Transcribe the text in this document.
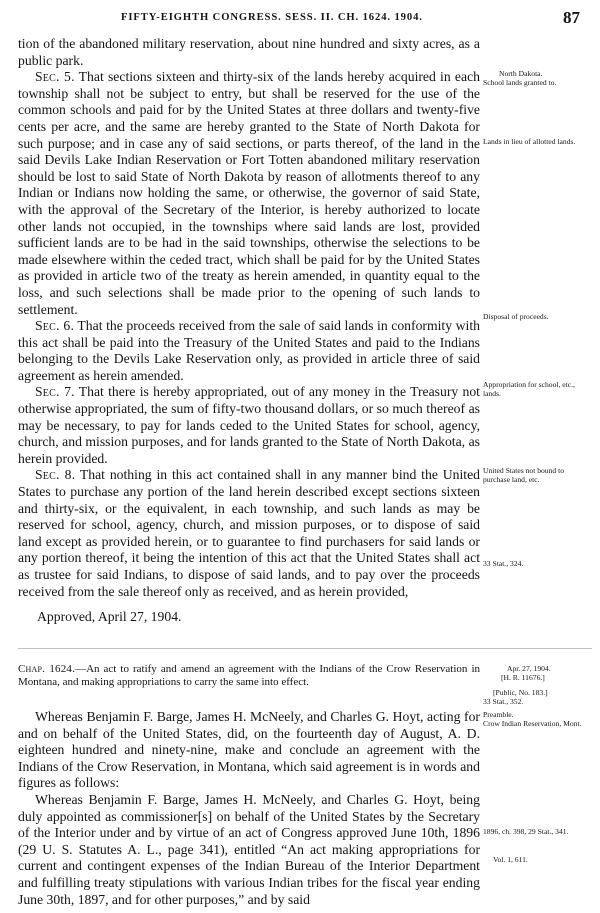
FIFTY-EIGHTH CONGRESS. SESS. II. CH. 1624. 1904.	87

tion of the abandoned military reservation, about nine hundred and sixty acres, as a public park.

Sec. 5. That sections sixteen and thirty-six of the lands hereby acquired in each township shall not be subject to entry, but shall be reserved for the use of the common schools and paid for by the United States at three dollars and twenty-five cents per acre, and the same are hereby granted to the State of North Dakota for such purpose; and in case any of said sections, or parts thereof, of the land in the said Devils Lake Indian Reservation or Fort Totten abandoned military reservation should be lost to said State of North Dakota by reason of allotments thereof to any Indian or Indians now holding the same, or otherwise, the governor of said State, with the approval of the Secretary of the Interior, is hereby authorized to locate other lands not occupied, in the townships where said lands are lost, provided sufficient lands are to be had in the said townships, otherwise the selections to be made elsewhere within the ceded tract, which shall be paid for by the United States as provided in article two of the treaty as herein amended, in quantity equal to the loss, and such selections shall be made prior to the opening of such lands to settlement.

Sec. 6. That the proceeds received from the sale of said lands in conformity with this act shall be paid into the Treasury of the United States and paid to the Indians belonging to the Devils Lake Reservation only, as provided in article three of said agreement as herein amended.

Sec. 7. That there is hereby appropriated, out of any money in the Treasury not otherwise appropriated, the sum of fifty-two thousand dollars, or so much thereof as may be necessary, to pay for lands ceded to the United States for school, agency, church, and mission purposes, and for lands granted to the State of North Dakota, as herein provided.

Sec. 8. That nothing in this act contained shall in any manner bind the United States to purchase any portion of the land herein described except sections sixteen and thirty-six, or the equivalent, in each township, and such lands as may be reserved for school, agency, church, and mission purposes, or to dispose of said land except as provided herein, or to guarantee to find purchasers for said lands or any portion thereof, it being the intention of this act that the United States shall act as trustee for said Indians, to dispose of said lands, and to pay over the proceeds received from the sale thereof only as received, and as herein provided,

Approved, April 27, 1904.
Chap. 1624.—An act to ratify and amend an agreement with the Indians of the Crow Reservation in Montana, and making appropriations to carry the same into effect.

Whereas Benjamin F. Barge, James H. McNeely, and Charles G. Hoyt, acting for and on behalf of the United States, did, on the fourteenth day of August, A. D. eighteen hundred and ninety-nine, make and conclude an agreement with the Indians of the Crow Reservation, in Montana, which said agreement is in words and figures as follows:

Whereas Benjamin F. Barge, James H. McNeely, and Charles G. Hoyt, being duly appointed as commissioner[s] on behalf of the United States by the Secretary of the Interior under and by virtue of an act of Congress approved June 10th, 1896 (29 U. S. Statutes A. L., page 341), entitled “An act making appropriations for current and contingent expenses of the Indian Bureau of the Interior Department and fulfilling treaty stipulations with various Indian tribes for the fiscal year ending June 30th, 1897, and for other purposes,” and by said

North Dakota.
School lands granted to.
Lands in lieu of allotted lands.
Disposal of proceeds.
Appropriation for school, etc., lands.
United States not bound to purchase land, etc.
33 Stat., 324.
Apr. 27, 1904.
[H. R. 11676.]
[Public, No. 183.]
33 Stat., 352.
Preamble.
Crow Indian Reservation, Mont.
1896, ch. 398, 29 Stat., 341.
Vol. 1, 611.
